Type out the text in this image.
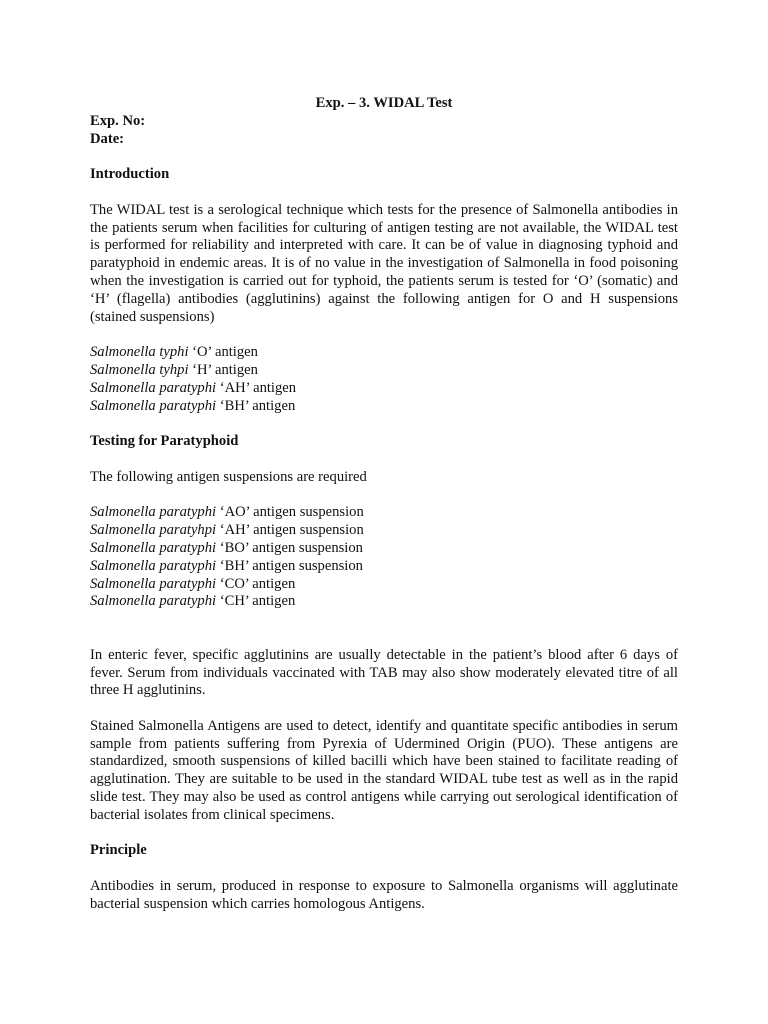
Exp. – 3. WIDAL Test

Exp. No:

Date:

Introduction

The WIDAL test is a serological technique which tests for the presence of Salmonella antibodies in the patients serum when facilities for culturing of antigen testing are not available, the WIDAL test is performed for reliability and interpreted with care. It can be of value in diagnosing typhoid and paratyphoid in endemic areas. It is of no value in the investigation of Salmonella in food poisoning when the investigation is carried out for typhoid, the patients serum is tested for ‘O’ (somatic) and ‘H’ (flagella) antibodies (agglutinins) against the following antigen for O and H suspensions (stained suspensions)

Salmonella typhi ‘O’ antigen

Salmonella tyhpi ‘H’ antigen

Salmonella paratyphi ‘AH’ antigen

Salmonella paratyphi ‘BH’ antigen

Testing for Paratyphoid

The following antigen suspensions are required

Salmonella paratyphi ‘AO’ antigen suspension

Salmonella paratyhpi ‘AH’ antigen suspension

Salmonella paratyphi ‘BO’ antigen suspension

Salmonella paratyphi ‘BH’ antigen suspension

Salmonella paratyphi ‘CO’ antigen

Salmonella paratyphi ‘CH’ antigen

In enteric fever, specific agglutinins are usually detectable in the patient’s blood after 6 days of fever. Serum from individuals vaccinated with TAB may also show moderately elevated titre of all three H agglutinins.

Stained Salmonella Antigens are used to detect, identify and quantitate specific antibodies in serum sample from patients suffering from Pyrexia of Udermined Origin (PUO). These antigens are standardized, smooth suspensions of killed bacilli which have been stained to facilitate reading of agglutination. They are suitable to be used in the standard WIDAL tube test as well as in the rapid slide test. They may also be used as control antigens while carrying out serological identification of bacterial isolates from clinical specimens.

Principle

Antibodies in serum, produced in response to exposure to Salmonella organisms will agglutinate bacterial suspension which carries homologous Antigens.
